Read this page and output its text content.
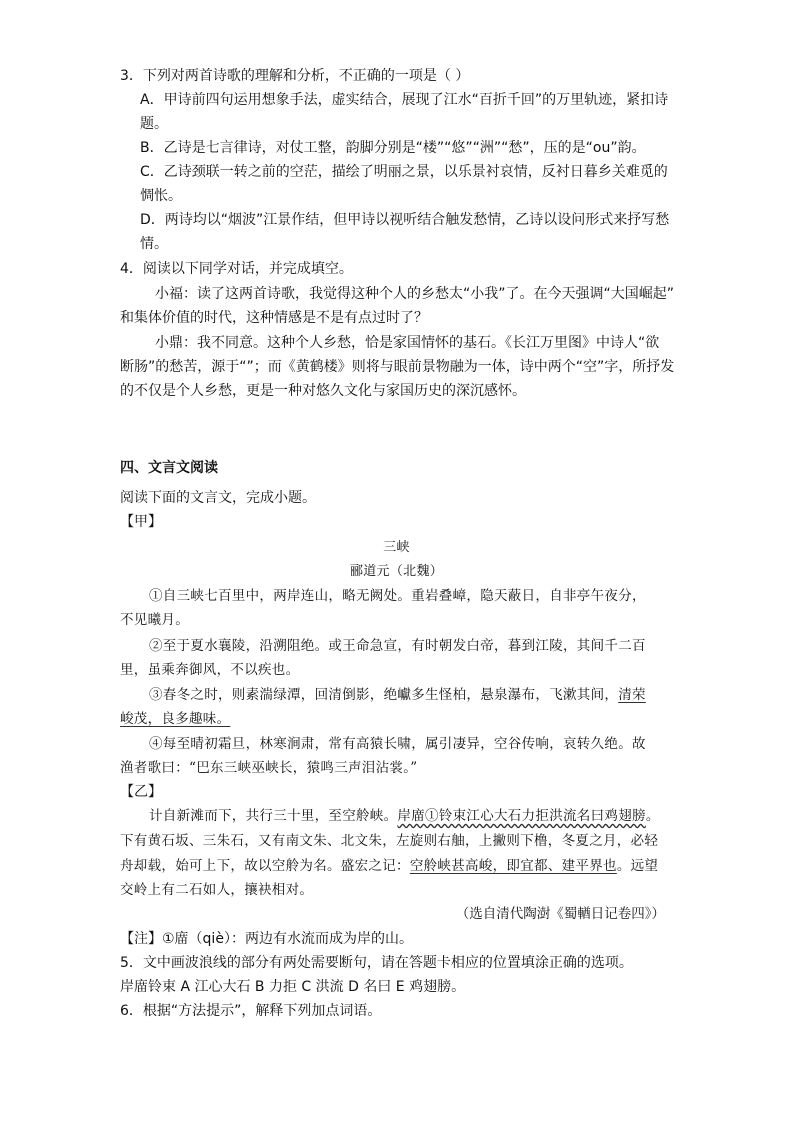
3．下列对两首诗歌的理解和分析，不正确的一项是（ ）
A．甲诗前四句运用想象手法，虚实结合，展现了江水“百折千回”的万里轨迹，紧扣诗
题。
B．乙诗是七言律诗，对仗工整，韵脚分别是“楼”“悠”“洲”“愁”，压的是“ou”韵。
C．乙诗颈联一转之前的空茫，描绘了明丽之景，以乐景衬哀情，反衬日暮乡关难觅的
惆怅。
D．两诗均以“烟波”江景作结，但甲诗以视听结合触发愁情，乙诗以设问形式来抒写愁
情。
4．阅读以下同学对话，并完成填空。
小福：读了这两首诗歌，我觉得这种个人的乡愁太“小我”了。在今天强调“大国崛起”
和集体价值的时代，这种情感是不是有点过时了？
小鼎：我不同意。这种个人乡愁，恰是家国情怀的基石。《长江万里图》中诗人“欲
断肠”的愁苦，源于“”；而《黄鹤楼》则将与眼前景物融为一体，诗中两个“空”字，所抒发
的不仅是个人乡愁，更是一种对悠久文化与家国历史的深沉感怀。
四、文言文阅读
阅读下面的文言文，完成小题。
【甲】
三峡
郦道元（北魏）
①自三峡七百里中，两岸连山，略无阙处。重岩叠嶂，隐天蔽日，自非亭午夜分，
不见曦月。
②至于夏水襄陵，沿溯阻绝。或王命急宣，有时朝发白帝，暮到江陵，其间千二百
里，虽乘奔御风，不以疾也。
③春冬之时，则素湍绿潭，回清倒影，绝巘多生怪柏，悬泉瀑布，飞漱其间，清荣
峻茂，良多趣味。
④每至晴初霜旦，林寒涧肃，常有高猿长啸，属引凄异，空谷传响，哀转久绝。故
渔者歌曰：“巴东三峡巫峡长，猿鸣三声泪沾裳。”
【乙】
计自新滩而下，共行三十里，至空舲峡。岸庿①铃束江心大石力拒洪流名曰鸡翅膀。
下有黄石坂、三朱石，又有南文朱、北文朱，左旋则右舳，上撇则下橹，冬夏之月，必轻
舟却载，始可上下，故以空舲为名。盛宏之记：空舲峡甚高峻，即宜都、建平界也。远望
交岭上有二石如人，攘袂相对。
（选自清代陶澍《蜀輶日记卷四》）
【注】①庿（qiè）：两边有水流而成为岸的山。
5．文中画波浪线的部分有两处需要断句，请在答题卡相应的位置填涂正确的选项。
岸庿铃束 A 江心大石 B 力拒 C 洪流 D 名曰 E 鸡翅膀。
6．根据“方法提示”，解释下列加点词语。
